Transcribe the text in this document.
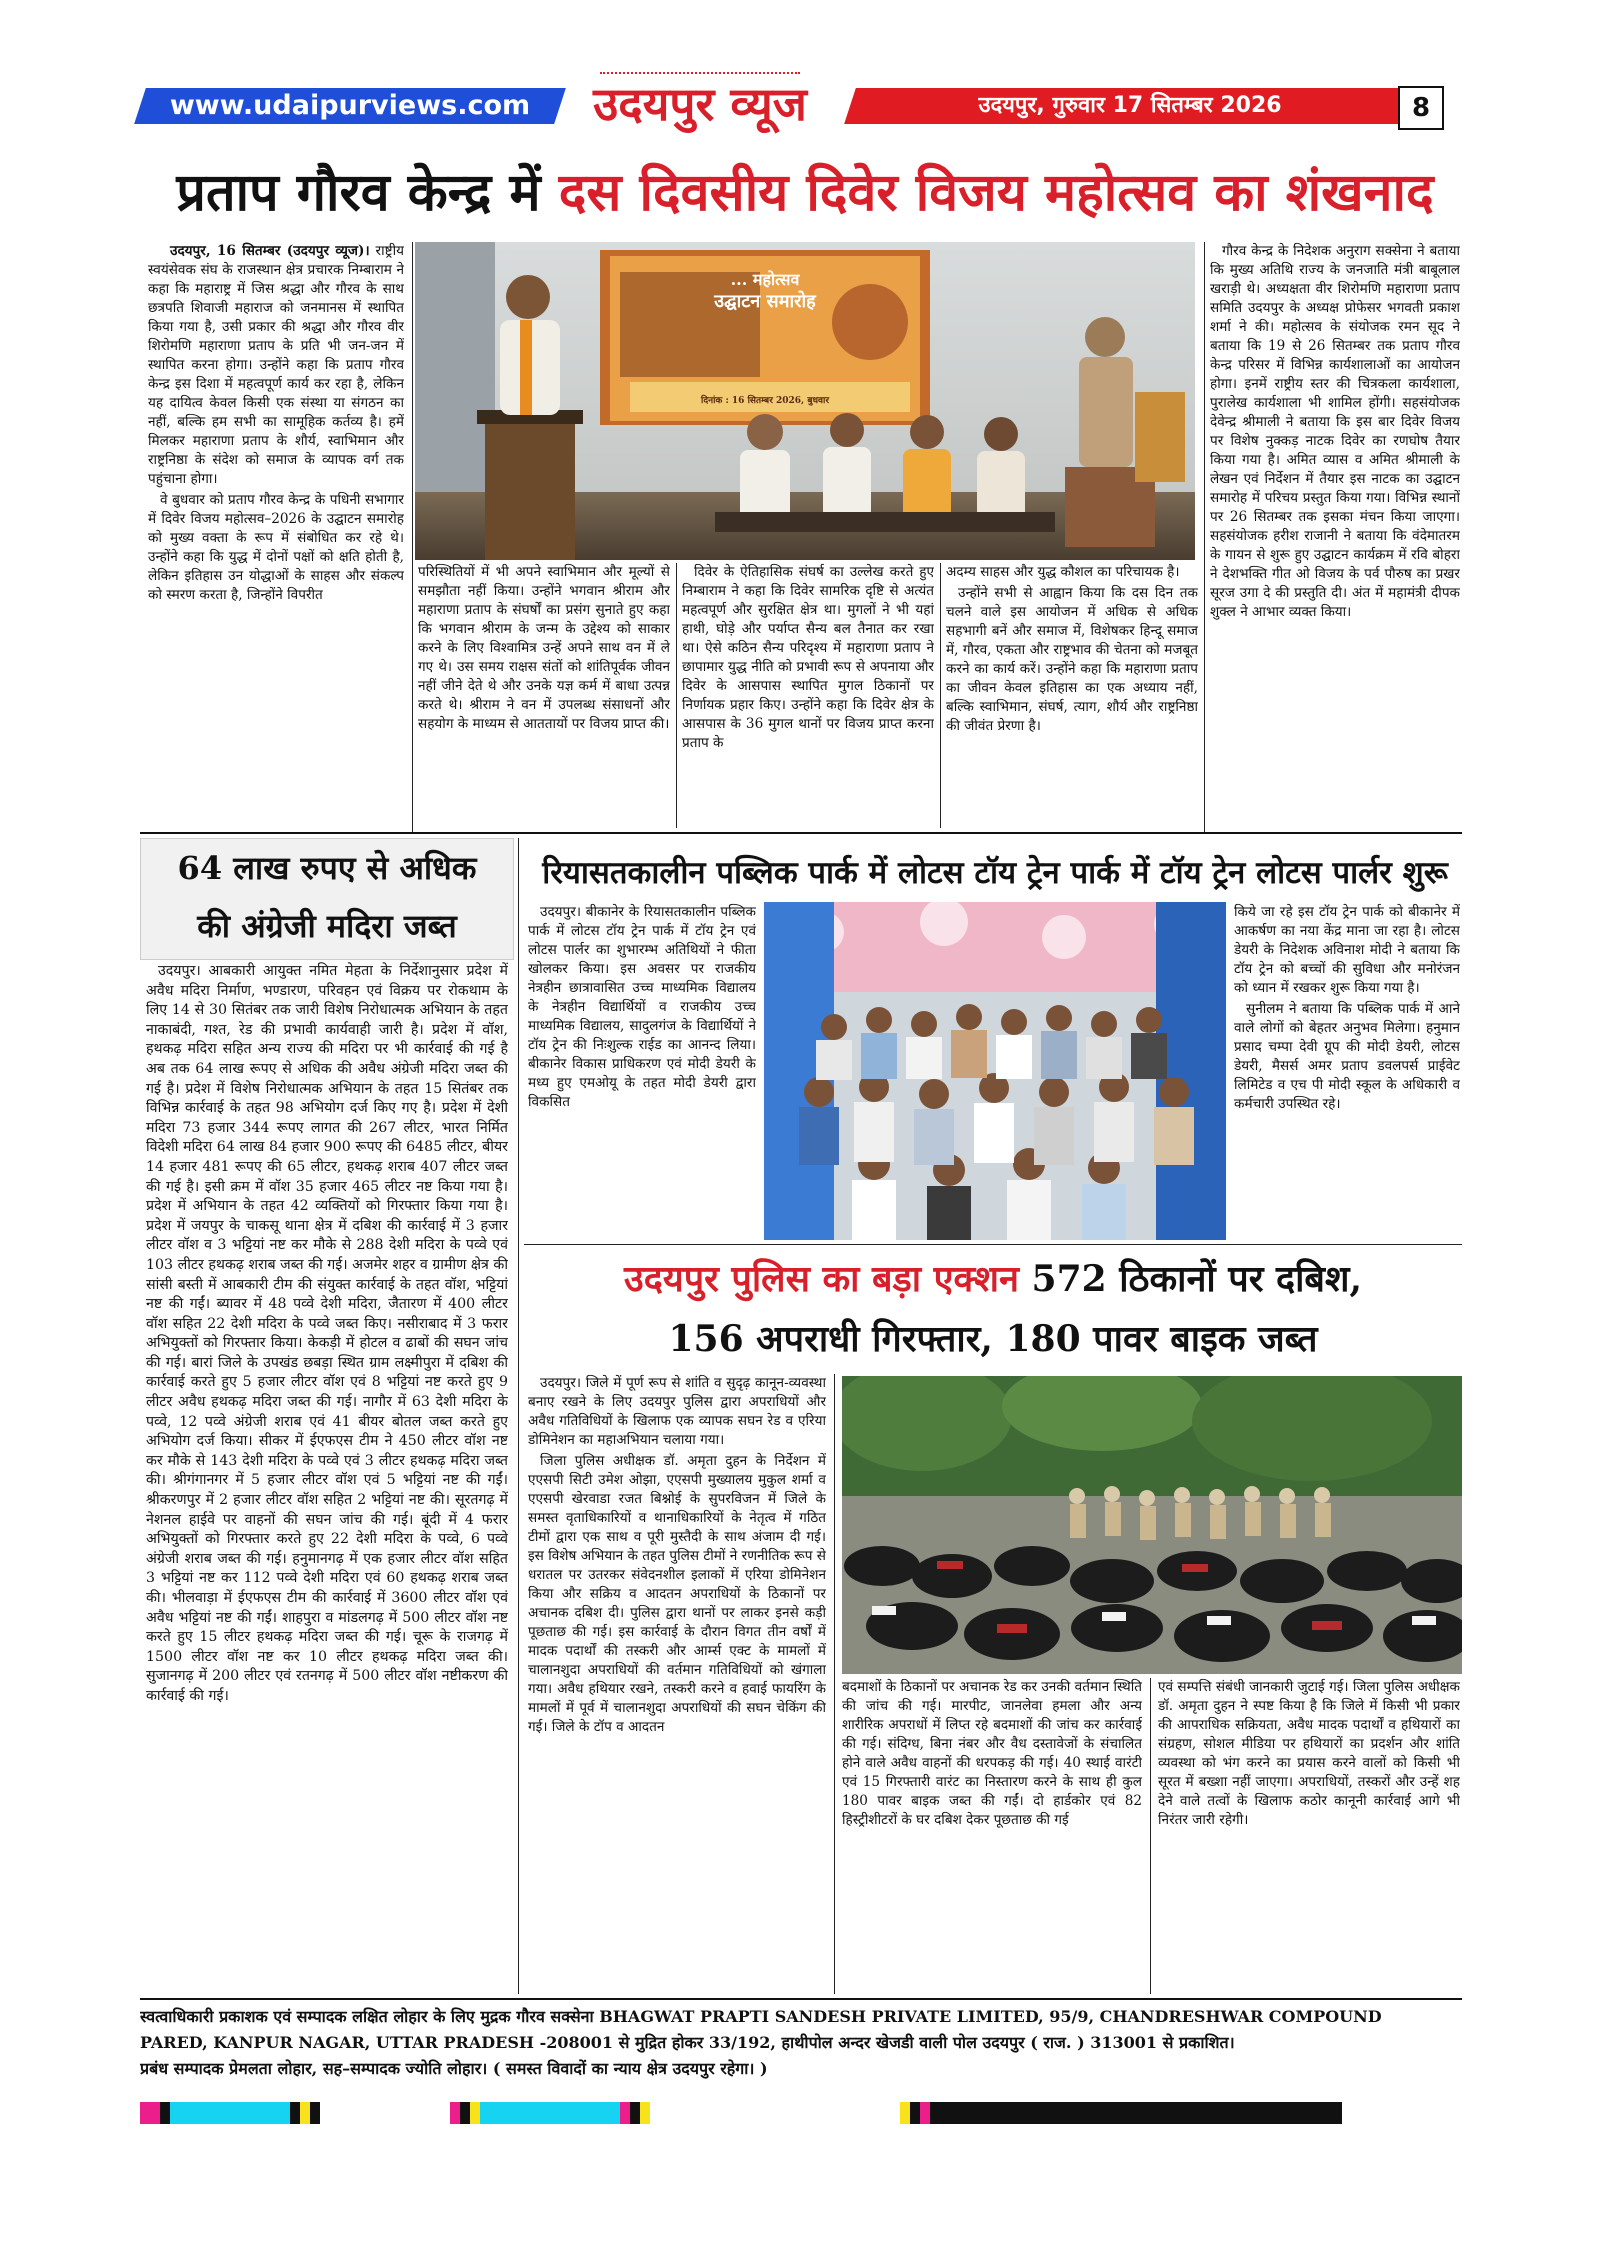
www.udaipurviews.com	उदयपुर व्यूज	उदयपुर, गुरुवार 17 सितम्बर 2026	8
प्रताप गौरव केन्द्र में दस दिवसीय दिवेर विजय महोत्सव का शंखनाद

उदयपुर, 16 सितम्बर (उदयपुर व्यूज)। राष्ट्रीय स्वयंसेवक संघ के राजस्थान क्षेत्र प्रचारक निम्बाराम ने कहा कि महाराष्ट्र में जिस श्रद्धा और गौरव के साथ छत्रपति शिवाजी महाराज को जनमानस में स्थापित किया गया है, उसी प्रकार की श्रद्धा और गौरव वीर शिरोमणि महाराणा प्रताप के प्रति भी जन-जन में स्थापित करना होगा। उन्होंने कहा कि प्रताप गौरव केन्द्र इस दिशा में महत्वपूर्ण कार्य कर रहा है, लेकिन यह दायित्व केवल किसी एक संस्था या संगठन का नहीं, बल्कि हम सभी का सामूहिक कर्तव्य है। हमें मिलकर महाराणा प्रताप के शौर्य, स्वाभिमान और राष्ट्रनिष्ठा के संदेश को समाज के व्यापक वर्ग तक पहुंचाना होगा।

वे बुधवार को प्रताप गौरव केन्द्र के पधिनी सभागार में दिवेर विजय महोत्सव–2026 के उद्घाटन समारोह को मुख्य वक्ता के रूप में संबोधित कर रहे थे। उन्होंने कहा कि युद्ध में दोनों पक्षों को क्षति होती है, लेकिन इतिहास उन योद्धाओं के साहस और संकल्प को स्मरण करता है, जिन्होंने विपरीत

... महोत्सव
उद्घाटन समारोह
दिनांक : 16 सितम्बर 2026, बुधवार

परिस्थितियों में भी अपने स्वाभिमान और मूल्यों से समझौता नहीं किया। उन्होंने भगवान श्रीराम और महाराणा प्रताप के संघर्षों का प्रसंग सुनाते हुए कहा कि भगवान श्रीराम के जन्म के उद्देश्य को साकार करने के लिए विश्वामित्र उन्हें अपने साथ वन में ले गए थे। उस समय राक्षस संतों को शांतिपूर्वक जीवन नहीं जीने देते थे और उनके यज्ञ कर्म में बाधा उत्पन्न करते थे। श्रीराम ने वन में उपलब्ध संसाधनों और सहयोग के माध्यम से आततायों पर विजय प्राप्त की।

दिवेर के ऐतिहासिक संघर्ष का उल्लेख करते हुए निम्बाराम ने कहा कि दिवेर सामरिक दृष्टि से अत्यंत महत्वपूर्ण और सुरक्षित क्षेत्र था। मुगलों ने भी यहां हाथी, घोड़े और पर्याप्त सैन्य बल तैनात कर रखा था। ऐसे कठिन सैन्य परिदृश्य में महाराणा प्रताप ने छापामार युद्ध नीति को प्रभावी रूप से अपनाया और दिवेर के आसपास स्थापित मुगल ठिकानों पर निर्णायक प्रहार किए। उन्होंने कहा कि दिवेर क्षेत्र के आसपास के 36 मुगल थानों पर विजय प्राप्त करना प्रताप के

अदम्य साहस और युद्ध कौशल का परिचायक है।

उन्होंने सभी से आह्वान किया कि दस दिन तक चलने वाले इस आयोजन में अधिक से अधिक सहभागी बनें और समाज में, विशेषकर हिन्दू समाज में, गौरव, एकता और राष्ट्रभाव की चेतना को मजबूत करने का कार्य करें। उन्होंने कहा कि महाराणा प्रताप का जीवन केवल इतिहास का एक अध्याय नहीं, बल्कि स्वाभिमान, संघर्ष, त्याग, शौर्य और राष्ट्रनिष्ठा की जीवंत प्रेरणा है।

गौरव केन्द्र के निदेशक अनुराग सक्सेना ने बताया कि मुख्य अतिथि राज्य के जनजाति मंत्री बाबूलाल खराड़ी थे। अध्यक्षता वीर शिरोमणि महाराणा प्रताप समिति उदयपुर के अध्यक्ष प्रोफेसर भगवती प्रकाश शर्मा ने की। महोत्सव के संयोजक रमन सूद ने बताया कि 19 से 26 सितम्बर तक प्रताप गौरव केन्द्र परिसर में विभिन्न कार्यशालाओं का आयोजन होगा। इनमें राष्ट्रीय स्तर की चित्रकला कार्यशाला, पुरालेख कार्यशाला भी शामिल होंगी। सहसंयोजक देवेन्द्र श्रीमाली ने बताया कि इस बार दिवेर विजय पर विशेष नुक्कड़ नाटक दिवेर का रणघोष तैयार किया गया है। अमित व्यास व अमित श्रीमाली के लेखन एवं निर्देशन में तैयार इस नाटक का उद्घाटन समारोह में परिचय प्रस्तुत किया गया। विभिन्न स्थानों पर 26 सितम्बर तक इसका मंचन किया जाएगा। सहसंयोजक हरीश राजानी ने बताया कि वंदेमातरम के गायन से शुरू हुए उद्घाटन कार्यक्रम में रवि बोहरा ने देशभक्ति गीत ओ विजय के पर्व पौरुष का प्रखर सूरज उगा दे की प्रस्तुति दी। अंत में महामंत्री दीपक शुक्ल ने आभार व्यक्त किया।

64 लाख रुपए से अधिक
की अंग्रेजी मदिरा जब्त

उदयपुर। आबकारी आयुक्त नमित मेहता के निर्देशानुसार प्रदेश में अवैध मदिरा निर्माण, भण्डारण, परिवहन एवं विक्रय पर रोकथाम के लिए 14 से 30 सितंबर तक जारी विशेष निरोधात्मक अभियान के तहत नाकाबंदी, गश्त, रेड की प्रभावी कार्यवाही जारी है। प्रदेश में वॉश, हथकढ़ मदिरा सहित अन्य राज्य की मदिरा पर भी कार्रवाई की गई है अब तक 64 लाख रूपए से अधिक की अवैध अंग्रेजी मदिरा जब्त की गई है। प्रदेश में विशेष निरोधात्मक अभियान के तहत 15 सितंबर तक विभिन्न कार्रवाई के तहत 98 अभियोग दर्ज किए गए है। प्रदेश में देशी मदिरा 73 हजार 344 रूपए लागत की 267 लीटर, भारत निर्मित विदेशी मदिरा 64 लाख 84 हजार 900 रूपए की 6485 लीटर, बीयर 14 हजार 481 रूपए की 65 लीटर, हथकढ़ शराब 407 लीटर जब्त की गई है। इसी क्रम में वॉश 35 हजार 465 लीटर नष्ट किया गया है। प्रदेश में अभियान के तहत 42 व्यक्तियों को गिरफ्तार किया गया है। प्रदेश में जयपुर के चाकसू थाना क्षेत्र में दबिश की कार्रवाई में 3 हजार लीटर वॉश व 3 भट्टियां नष्ट कर मौके से 288 देशी मदिरा के पव्वे एवं 103 लीटर हथकढ़ शराब जब्त की गई। अजमेर शहर व ग्रामीण क्षेत्र की सांसी बस्ती में आबकारी टीम की संयुक्त कार्रवाई के तहत वॉश, भट्टियां नष्ट की गईं। ब्यावर में 48 पव्वे देशी मदिरा, जैतारण में 400 लीटर वॉश सहित 22 देशी मदिरा के पव्वे जब्त किए। नसीराबाद में 3 फरार अभियुक्तों को गिरफ्तार किया। केकड़ी में होटल व ढाबों की सघन जांच की गई। बारां जिले के उपखंड छबड़ा स्थित ग्राम लक्ष्मीपुरा में दबिश की कार्रवाई करते हुए 5 हजार लीटर वॉश एवं 8 भट्टियां नष्ट करते हुए 9 लीटर अवैध हथकढ़ मदिरा जब्त की गई। नागौर में 63 देशी मदिरा के पव्वे, 12 पव्वे अंग्रेजी शराब एवं 41 बीयर बोतल जब्त करते हुए अभियोग दर्ज किया। सीकर में ईएफएस टीम ने 450 लीटर वॉश नष्ट कर मौके से 143 देशी मदिरा के पव्वे एवं 3 लीटर हथकढ़ मदिरा जब्त की। श्रीगंगानगर में 5 हजार लीटर वॉश एवं 5 भट्टियां नष्ट की गईं। श्रीकरणपुर में 2 हजार लीटर वॉश सहित 2 भट्टियां नष्ट की। सूरतगढ़ में नेशनल हाईवे पर वाहनों की सघन जांच की गई। बूंदी में 4 फरार अभियुक्तों को गिरफ्तार करते हुए 22 देशी मदिरा के पव्वे, 6 पव्वे अंग्रेजी शराब जब्त की गई। हनुमानगढ़ में एक हजार लीटर वॉश सहित 3 भट्टियां नष्ट कर 112 पव्वे देशी मदिरा एवं 60 हथकढ़ शराब जब्त की। भीलवाड़ा में ईएफएस टीम की कार्रवाई में 3600 लीटर वॉश एवं अवैध भट्टियां नष्ट की गईं। शाहपुरा व मांडलगढ़ में 500 लीटर वॉश नष्ट करते हुए 15 लीटर हथकढ़ मदिरा जब्त की गई। चूरू के राजगढ़ में 1500 लीटर वॉश नष्ट कर 10 लीटर हथकढ़ मदिरा जब्त की। सुजानगढ़ में 200 लीटर एवं रतनगढ़ में 500 लीटर वॉश नष्टीकरण की कार्रवाई की गई।

रियासतकालीन पब्लिक पार्क में लोटस टॉय ट्रेन पार्क में टॉय ट्रेन लोटस पार्लर शुरू

उदयपुर। बीकानेर के रियासतकालीन पब्लिक पार्क में लोटस टॉय ट्रेन पार्क में टॉय ट्रेन एवं लोटस पार्लर का शुभारम्भ अतिथियों ने फीता खोलकर किया। इस अवसर पर राजकीय नेत्रहीन छात्रावासित उच्च माध्यमिक विद्यालय के नेत्रहीन विद्यार्थियों व राजकीय उच्च माध्यमिक विद्यालय, सादुलगंज के विद्यार्थियों ने टॉय ट्रेन की निःशुल्क राईड का आनन्द लिया। बीकानेर विकास प्राधिकरण एवं मोदी डेयरी के मध्य हुए एमओयू के तहत मोदी डेयरी द्वारा विकसित

किये जा रहे इस टॉय ट्रेन पार्क को बीकानेर में आकर्षण का नया केंद्र माना जा रहा है। लोटस डेयरी के निदेशक अविनाश मोदी ने बताया कि टॉय ट्रेन को बच्चों की सुविधा और मनोरंजन को ध्यान में रखकर शुरू किया गया है।

सुनीलम ने बताया कि पब्लिक पार्क में आने वाले लोगों को बेहतर अनुभव मिलेगा। हनुमान प्रसाद चम्पा देवी ग्रूप की मोदी डेयरी, लोटस डेयरी, मैसर्स अमर प्रताप डवलपर्स प्राईवेट लिमिटेड व एच पी मोदी स्कूल के अधिकारी व कर्मचारी उपस्थित रहे।

उदयपुर पुलिस का बड़ा एक्शन 572 ठिकानों पर दबिश,
156 अपराधी गिरफ्तार, 180 पावर बाइक जब्त

उदयपुर। जिले में पूर्ण रूप से शांति व सुदृढ़ कानून-व्यवस्था बनाए रखने के लिए उदयपुर पुलिस द्वारा अपराधियों और अवैध गतिविधियों के खिलाफ एक व्यापक सघन रेड व एरिया डोमिनेशन का महाअभियान चलाया गया।

जिला पुलिस अधीक्षक डॉ. अमृता दुहन के निर्देशन में एएसपी सिटी उमेश ओझा, एएसपी मुख्यालय मुकुल शर्मा व एएसपी खेरवाडा रजत बिश्नोई के सुपरविजन में जिले के समस्त वृताधिकारियों व थानाधिकारियों के नेतृत्व में गठित टीमों द्वारा एक साथ व पूरी मुस्तैदी के साथ अंजाम दी गई। इस विशेष अभियान के तहत पुलिस टीमों ने रणनीतिक रूप से धरातल पर उतरकर संवेदनशील इलाकों में एरिया डोमिनेशन किया और सक्रिय व आदतन अपराधियों के ठिकानों पर अचानक दबिश दी। पुलिस द्वारा थानों पर लाकर इनसे कड़ी पूछताछ की गई। इस कार्रवाई के दौरान विगत तीन वर्षों में मादक पदार्थों की तस्करी और आर्म्स एक्ट के मामलों में चालानशुदा अपराधियों की वर्तमान गतिविधियों को खंगाला गया। अवैध हथियार रखने, तस्करी करने व हवाई फायरिंग के मामलों में पूर्व में चालानशुदा अपराधियों की सघन चेकिंग की गई। जिले के टॉप व आदतन

बदमाशों के ठिकानों पर अचानक रेड कर उनकी वर्तमान स्थिति की जांच की गई। मारपीट, जानलेवा हमला और अन्य शारीरिक अपराधों में लिप्त रहे बदमाशों की जांच कर कार्रवाई की गई। संदिग्ध, बिना नंबर और वैध दस्तावेजों के संचालित होने वाले अवैध वाहनों की धरपकड़ की गई। 40 स्थाई वारंटी एवं 15 गिरफ्तारी वारंट का निस्तारण करने के साथ ही कुल 180 पावर बाइक जब्त की गईं। दो हार्डकोर एवं 82 हिस्ट्रीशीटरों के घर दबिश देकर पूछताछ की गई

एवं सम्पत्ति संबंधी जानकारी जुटाई गई। जिला पुलिस अधीक्षक डॉ. अमृता दुहन ने स्पष्ट किया है कि जिले में किसी भी प्रकार की आपराधिक सक्रियता, अवैध मादक पदार्थों व हथियारों का संग्रहण, सोशल मीडिया पर हथियारों का प्रदर्शन और शांति व्यवस्था को भंग करने का प्रयास करने वालों को किसी भी सूरत में बख्शा नहीं जाएगा। अपराधियों, तस्करों और उन्हें शह देने वाले तत्वों के खिलाफ कठोर कानूनी कार्रवाई आगे भी निरंतर जारी रहेगी।

स्वत्वाधिकारी प्रकाशक एवं सम्पादक लक्षित लोहार के लिए मुद्रक गौरव सक्सेना BHAGWAT PRAPTI SANDESH PRIVATE LIMITED, 95/9, CHANDRESHWAR COMPOUND
PARED, KANPUR NAGAR, UTTAR PRADESH -208001 से मुद्रित होकर 33/192, हाथीपोल अन्दर खेजडी वाली पोल उदयपुर ( राज. ) 313001 से प्रकाशित।
प्रबंध सम्पादक प्रेमलता लोहार, सह–सम्पादक ज्योति लोहार। ( समस्त विवादों का न्याय क्षेत्र उदयपुर रहेगा। )
